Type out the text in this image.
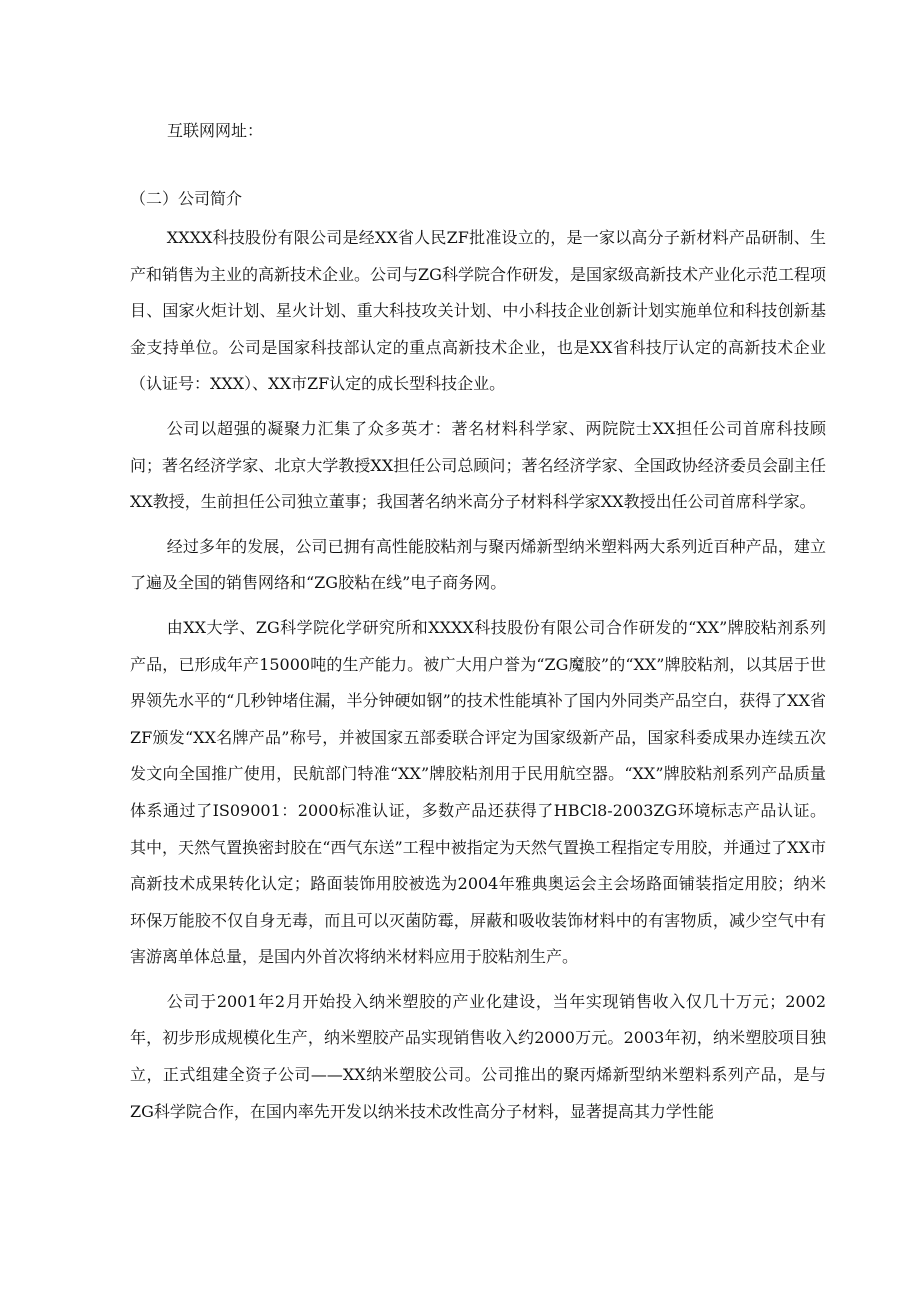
互联网网址：

（二）公司简介

XXXX科技股份有限公司是经XX省人民ZF批准设立的，是一家以高分子新材料产品研制、生产和销售为主业的高新技术企业。公司与ZG科学院合作研发，是国家级高新技术产业化示范工程项目、国家火炬计划、星火计划、重大科技攻关计划、中小科技企业创新计划实施单位和科技创新基金支持单位。公司是国家科技部认定的重点高新技术企业，也是XX省科技厅认定的高新技术企业（认证号：XXX）、XX市ZF认定的成长型科技企业。

公司以超强的凝聚力汇集了众多英才：著名材料科学家、两院院士XX担任公司首席科技顾问；著名经济学家、北京大学教授XX担任公司总顾问；著名经济学家、全国政协经济委员会副主任XX教授，生前担任公司独立董事；我国著名纳米高分子材料科学家XX教授出任公司首席科学家。

经过多年的发展，公司已拥有高性能胶粘剂与聚丙烯新型纳米塑料两大系列近百种产品，建立了遍及全国的销售网络和“ZG胶粘在线”电子商务网。

由XX大学、ZG科学院化学研究所和XXXX科技股份有限公司合作研发的“XX”牌胶粘剂系列产品，已形成年产15000吨的生产能力。被广大用户誉为“ZG魔胶”的“XX”牌胶粘剂，以其居于世界领先水平的“几秒钟堵住漏，半分钟硬如钢”的技术性能填补了国内外同类产品空白，获得了XX省ZF颁发“XX名牌产品”称号，并被国家五部委联合评定为国家级新产品，国家科委成果办连续五次发文向全国推广使用，民航部门特准“XX”牌胶粘剂用于民用航空器。“XX”牌胶粘剂系列产品质量体系通过了IS09001：2000标准认证，多数产品还获得了HBCl8-2003ZG环境标志产品认证。其中，天然气置换密封胶在“西气东送”工程中被指定为天然气置换工程指定专用胶，并通过了XX市高新技术成果转化认定；路面装饰用胶被选为2004年雅典奥运会主会场路面铺装指定用胶；纳米环保万能胶不仅自身无毒，而且可以灭菌防霉，屏蔽和吸收装饰材料中的有害物质，减少空气中有害游离单体总量，是国内外首次将纳米材料应用于胶粘剂生产。

公司于2001年2月开始投入纳米塑胶的产业化建设，当年实现销售收入仅几十万元；2002年，初步形成规模化生产，纳米塑胶产品实现销售收入约2000万元。2003年初，纳米塑胶项目独立，正式组建全资子公司——XX纳米塑胶公司。公司推出的聚丙烯新型纳米塑料系列产品，是与ZG科学院合作，在国内率先开发以纳米技术改性高分子材料，显著提高其力学性能
